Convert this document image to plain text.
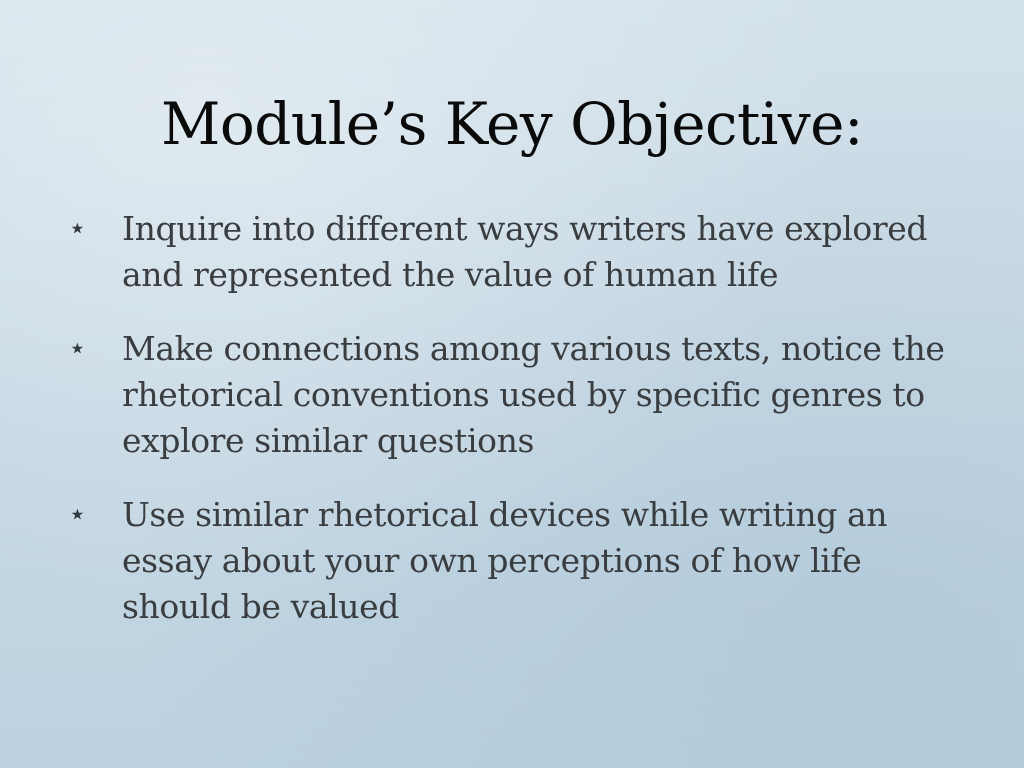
Module’s Key Objective:
⋆	Inquire into different ways writers have explored and represented the value of human life
⋆	Make connections among various texts, notice the rhetorical conventions used by specific genres to explore similar questions
⋆	Use similar rhetorical devices while writing an essay about your own perceptions of how life should be valued
